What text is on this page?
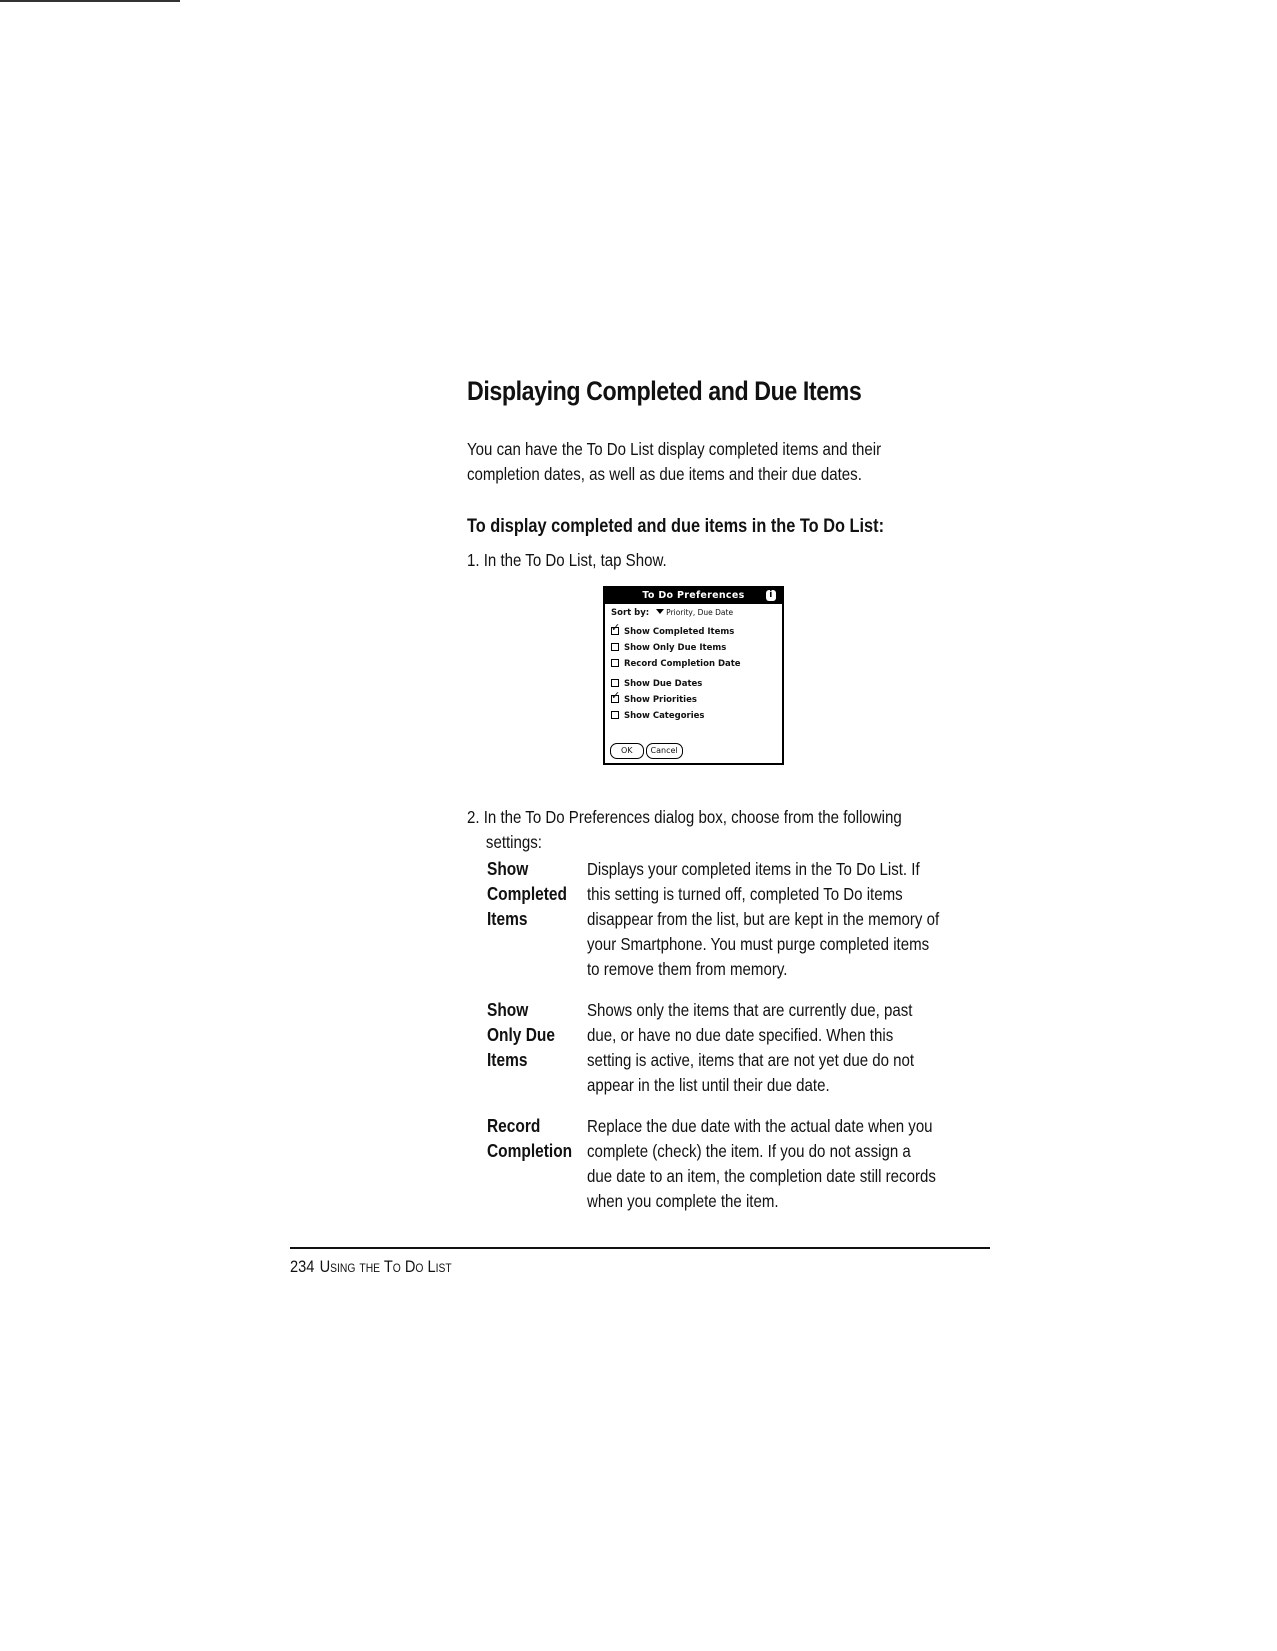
Displaying Completed and Due Items

You can have the To Do List display completed items and their
completion dates, as well as due items and their due dates.

To display completed and due items in the To Do List:

1. In the To Do List, tap Show.

To Do Preferences	i
Sort by: Priority, Due Date
✓Show Completed Items
Show Only Due Items
Record Completion Date
Show Due Dates
✓Show Priorities
Show Categories
OK Cancel

2. In the To Do Preferences dialog box, choose from the following
settings:

Show
Completed
Items
Displays your completed items in the To Do List. If this setting is turned off, completed To Do items disappear from the list, but are kept in the memory of your Smartphone. You must purge completed items to remove them from memory.
Show
Only Due
Items
Shows only the items that are currently due, past due, or have no due date specified. When this setting is active, items that are not yet due do not appear in the list until their due date.
Record
Completion
Replace the due date with the actual date when you complete (check) the item. If you do not assign a due date to an item, the completion date still records when you complete the item.
234 Using the To Do List
